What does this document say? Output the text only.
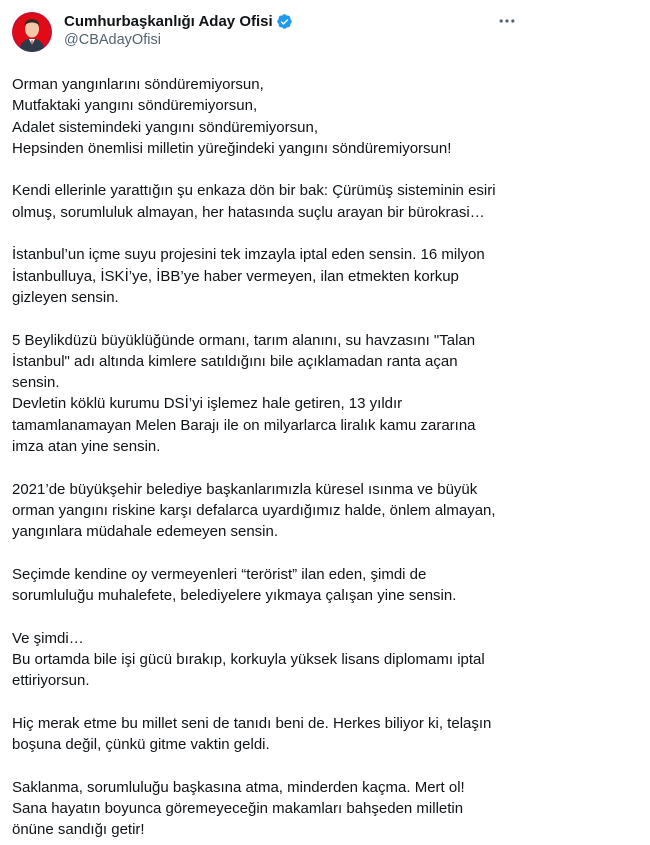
Cumhurbaşkanlığı Aday Ofisi
@CBAdayOfisi

Orman yangınlarını söndüremiyorsun,
Mutfaktaki yangını söndüremiyorsun,
Adalet sistemindeki yangını söndüremiyorsun,
Hepsinden önemlisi milletin yüreğindeki yangını söndüremiyorsun!

Kendi ellerinle yarattığın şu enkaza dön bir bak: Çürümüş sisteminin esiri
olmuş, sorumluluk almayan, her hatasında suçlu arayan bir bürokrasi…

İstanbul’un içme suyu projesini tek imzayla iptal eden sensin. 16 milyon
İstanbulluya, İSKİ’ye, İBB’ye haber vermeyen, ilan etmekten korkup
gizleyen sensin.

5 Beylikdüzü büyüklüğünde ormanı, tarım alanını, su havzasını "Talan
İstanbul" adı altında kimlere satıldığını bile açıklamadan ranta açan
sensin.
Devletin köklü kurumu DSİ’yi işlemez hale getiren, 13 yıldır
tamamlanamayan Melen Barajı ile on milyarlarca liralık kamu zararına
imza atan yine sensin.

2021’de büyükşehir belediye başkanlarımızla küresel ısınma ve büyük
orman yangını riskine karşı defalarca uyardığımız halde, önlem almayan,
yangınlara müdahale edemeyen sensin.

Seçimde kendine oy vermeyenleri “terörist” ilan eden, şimdi de
sorumluluğu muhalefete, belediyelere yıkmaya çalışan yine sensin.

Ve şimdi…
Bu ortamda bile işi gücü bırakıp, korkuyla yüksek lisans diplomamı iptal
ettiriyorsun.

Hiç merak etme bu millet seni de tanıdı beni de. Herkes biliyor ki, telaşın
boşuna değil, çünkü gitme vaktin geldi.

Saklanma, sorumluluğu başkasına atma, minderden kaçma. Mert ol!
Sana hayatın boyunca göremeyeceğin makamları bahşeden milletin
önüne sandığı getir!
